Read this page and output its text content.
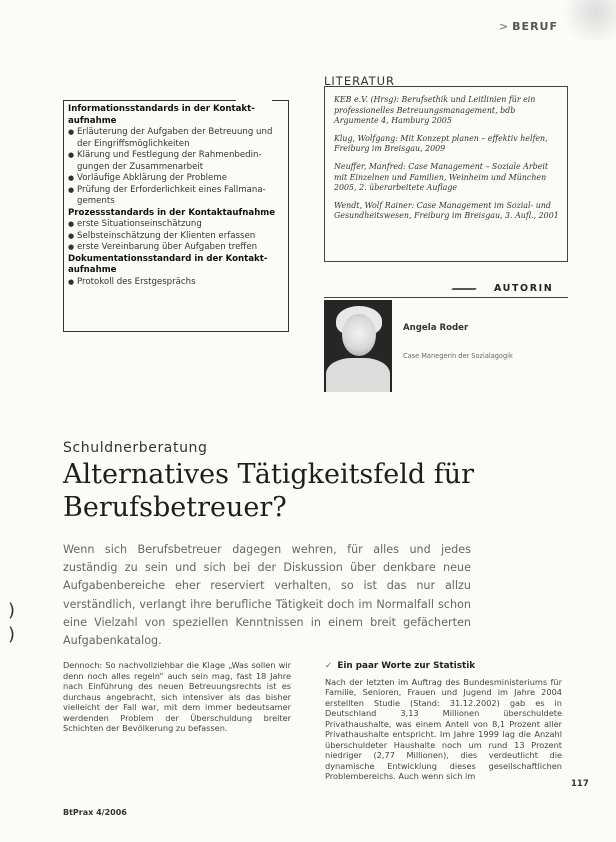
> BERUF
Informationsstandards in der Kontakt-aufnahme
● Erläuterung der Aufgaben der Betreuung und der Eingriffsmöglichkeiten
● Klärung und Festlegung der Rahmenbedin-gungen der Zusammenarbeit
● Vorläufige Abklärung der Probleme
● Prüfung der Erforderlichkeit eines Fallmana-gements
Prozessstandards in der Kontaktaufnahme
● erste Situationseinschätzung
● Selbsteinschätzung der Klienten erfassen
● erste Vereinbarung über Aufgaben treffen
Dokumentationsstandard in der Kontakt-aufnahme
● Protokoll des Erstgesprächs
LITERATUR

KEB e.V. (Hrsg): Berufsethik und Leitlinien für ein professionelles Betreuungsmanagement, bdb Argumente 4, Hamburg 2005

Klug, Wolfgang: Mit Konzept planen – effektiv helfen, Freiburg im Breisgau, 2009

Neuffer, Manfred: Case Management – Soziale Arbeit mit Einzelnen und Familien, Weinheim und München 2005, 2. überarbeitete Auflage

Wendt, Wolf Rainer: Case Management im Sozial- und Gesundheitswesen, Freiburg im Breisgau, 3. Aufl., 2001

AUTORIN
Angela Roder
Case Manegerin der Sozialagogik
Schuldnerberatung
Alternatives Tätigkeitsfeld für Berufsbetreuer?
Wenn sich Berufsbetreuer dagegen wehren, für alles und jedes zuständig zu sein und sich bei der Diskussion über denkbare neue Aufgabenbereiche eher reserviert verhalten, so ist das nur allzu verständlich, verlangt ihre berufliche Tätigkeit doch im Normalfall schon eine Vielzahl von speziellen Kenntnissen in einem breit gefächerten Aufgabenkatalog.
)
)
Dennoch: So nachvollziehbar die Klage „Was sollen wir denn noch alles regeln“ auch sein mag, fast 18 Jahre nach Einführung des neuen Betreuungsrechts ist es durchaus angebracht, sich intensiver als das bisher vielleicht der Fall war, mit dem immer bedeutsamer werdenden Problem der Überschuldung breiter Schichten der Bevölkerung zu befassen.
✓ Ein paar Worte zur Statistik
Nach der letzten im Auftrag des Bundesministeriums für Familie, Senioren, Frauen und Jugend im Jahre 2004 erstellten Studie (Stand: 31.12.2002) gab es in Deutschland 3,13 Millionen überschuldete Privathaushalte, was einem Anteil von 8,1 Prozent aller Privathaushalte entspricht. Im Jahre 1999 lag die Anzahl überschuldeter Haushalte noch um rund 13 Prozent niedriger (2,77 Millionen), dies verdeutlicht die dynamische Entwicklung dieses gesellschaftlichen Problembereichs. Auch wenn sich im
117
BtPrax 4/2006
